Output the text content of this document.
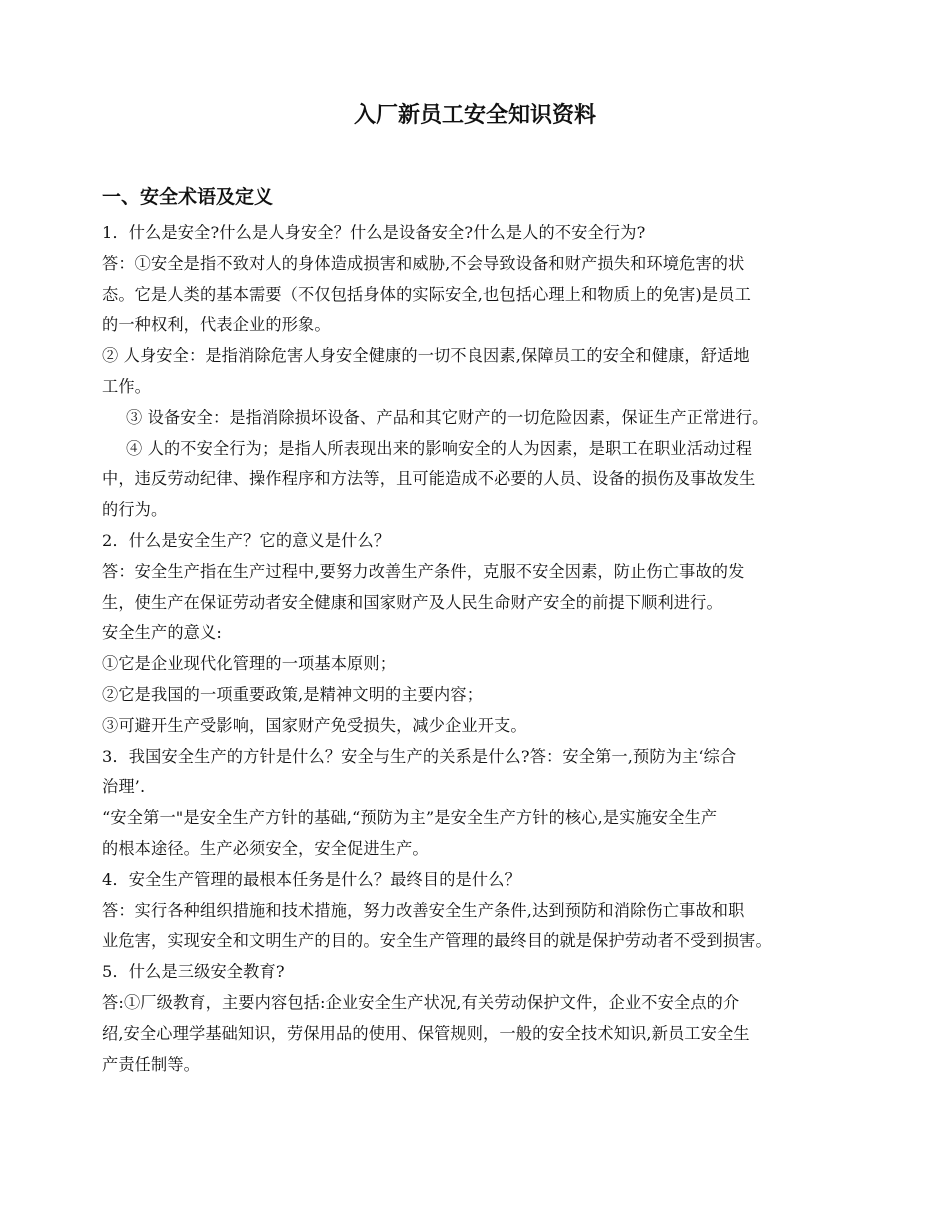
入厂新员工安全知识资料
一、安全术语及定义
1．什么是安全?什么是人身安全？什么是设备安全?什么是人的不安全行为?
答：①安全是指不致对人的身体造成损害和威胁,不会导致设备和财产损失和环境危害的状
态。它是人类的基本需要（不仅包括身体的实际安全,也包括心理上和物质上的免害)是员工
的一种权利，代表企业的形象。
② 人身安全：是指消除危害人身安全健康的一切不良因素,保障员工的安全和健康，舒适地
工作。
③ 设备安全：是指消除损坏设备、产品和其它财产的一切危险因素，保证生产正常进行。
④ 人的不安全行为；是指人所表现出来的影响安全的人为因素，是职工在职业活动过程
中，违反劳动纪律、操作程序和方法等，且可能造成不必要的人员、设备的损伤及事故发生
的行为。
2．什么是安全生产？它的意义是什么？
答：安全生产指在生产过程中,要努力改善生产条件，克服不安全因素，防止伤亡事故的发
生，使生产在保证劳动者安全健康和国家财产及人民生命财产安全的前提下顺利进行。
安全生产的意义:
①它是企业现代化管理的一项基本原则；
②它是我国的一项重要政策,是精神文明的主要内容；
③可避开生产受影响，国家财产免受损失，减少企业开支。
3．我国安全生产的方针是什么？安全与生产的关系是什么?答：安全第一,预防为主‘综合
治理’.
“安全第一"是安全生产方针的基础,“预防为主”是安全生产方针的核心,是实施安全生产
的根本途径。生产必须安全，安全促进生产。
4．安全生产管理的最根本任务是什么？最终目的是什么？
答：实行各种组织措施和技术措施，努力改善安全生产条件,达到预防和消除伤亡事故和职
业危害，实现安全和文明生产的目的。安全生产管理的最终目的就是保护劳动者不受到损害。
5．什么是三级安全教育?
答:①厂级教育，主要内容包括:企业安全生产状况,有关劳动保护文件，企业不安全点的介
绍,安全心理学基础知识，劳保用品的使用、保管规则，一般的安全技术知识,新员工安全生
产责任制等。
